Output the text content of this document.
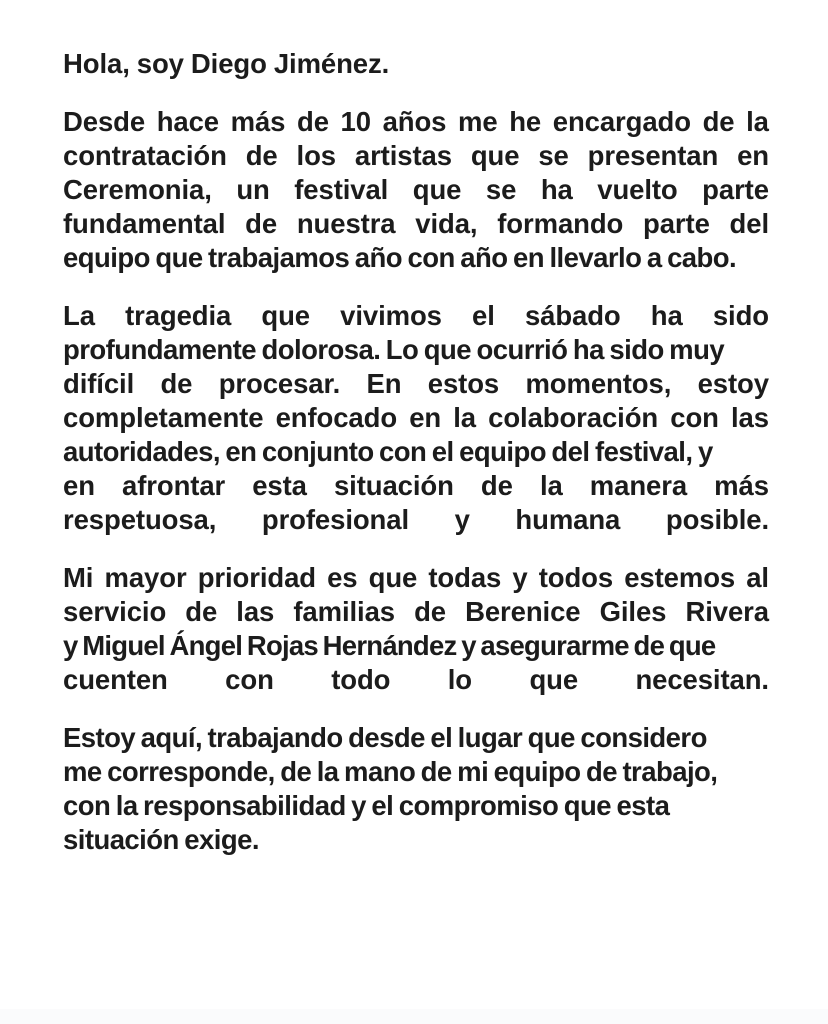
Hola, soy Diego Jiménez.

Desde hace más de 10 años me he encargado de la
contratación de los artistas que se presentan en
Ceremonia, un festival que se ha vuelto parte
fundamental de nuestra vida, formando parte del
equipo que trabajamos año con año en llevarlo a cabo.

La tragedia que vivimos el sábado ha sido
profundamente dolorosa. Lo que ocurrió ha sido muy
difícil de procesar. En estos momentos, estoy
completamente enfocado en la colaboración con las
autoridades, en conjunto con el equipo del festival, y
en afrontar esta situación de la manera más
respetuosa, profesional y humana posible.

Mi mayor prioridad es que todas y todos estemos al
servicio de las familias de Berenice Giles Rivera
y Miguel Ángel Rojas Hernández y asegurarme de que
cuenten con todo lo que necesitan.

Estoy aquí, trabajando desde el lugar que considero
me corresponde, de la mano de mi equipo de trabajo,
con la responsabilidad y el compromiso que esta
situación exige.
